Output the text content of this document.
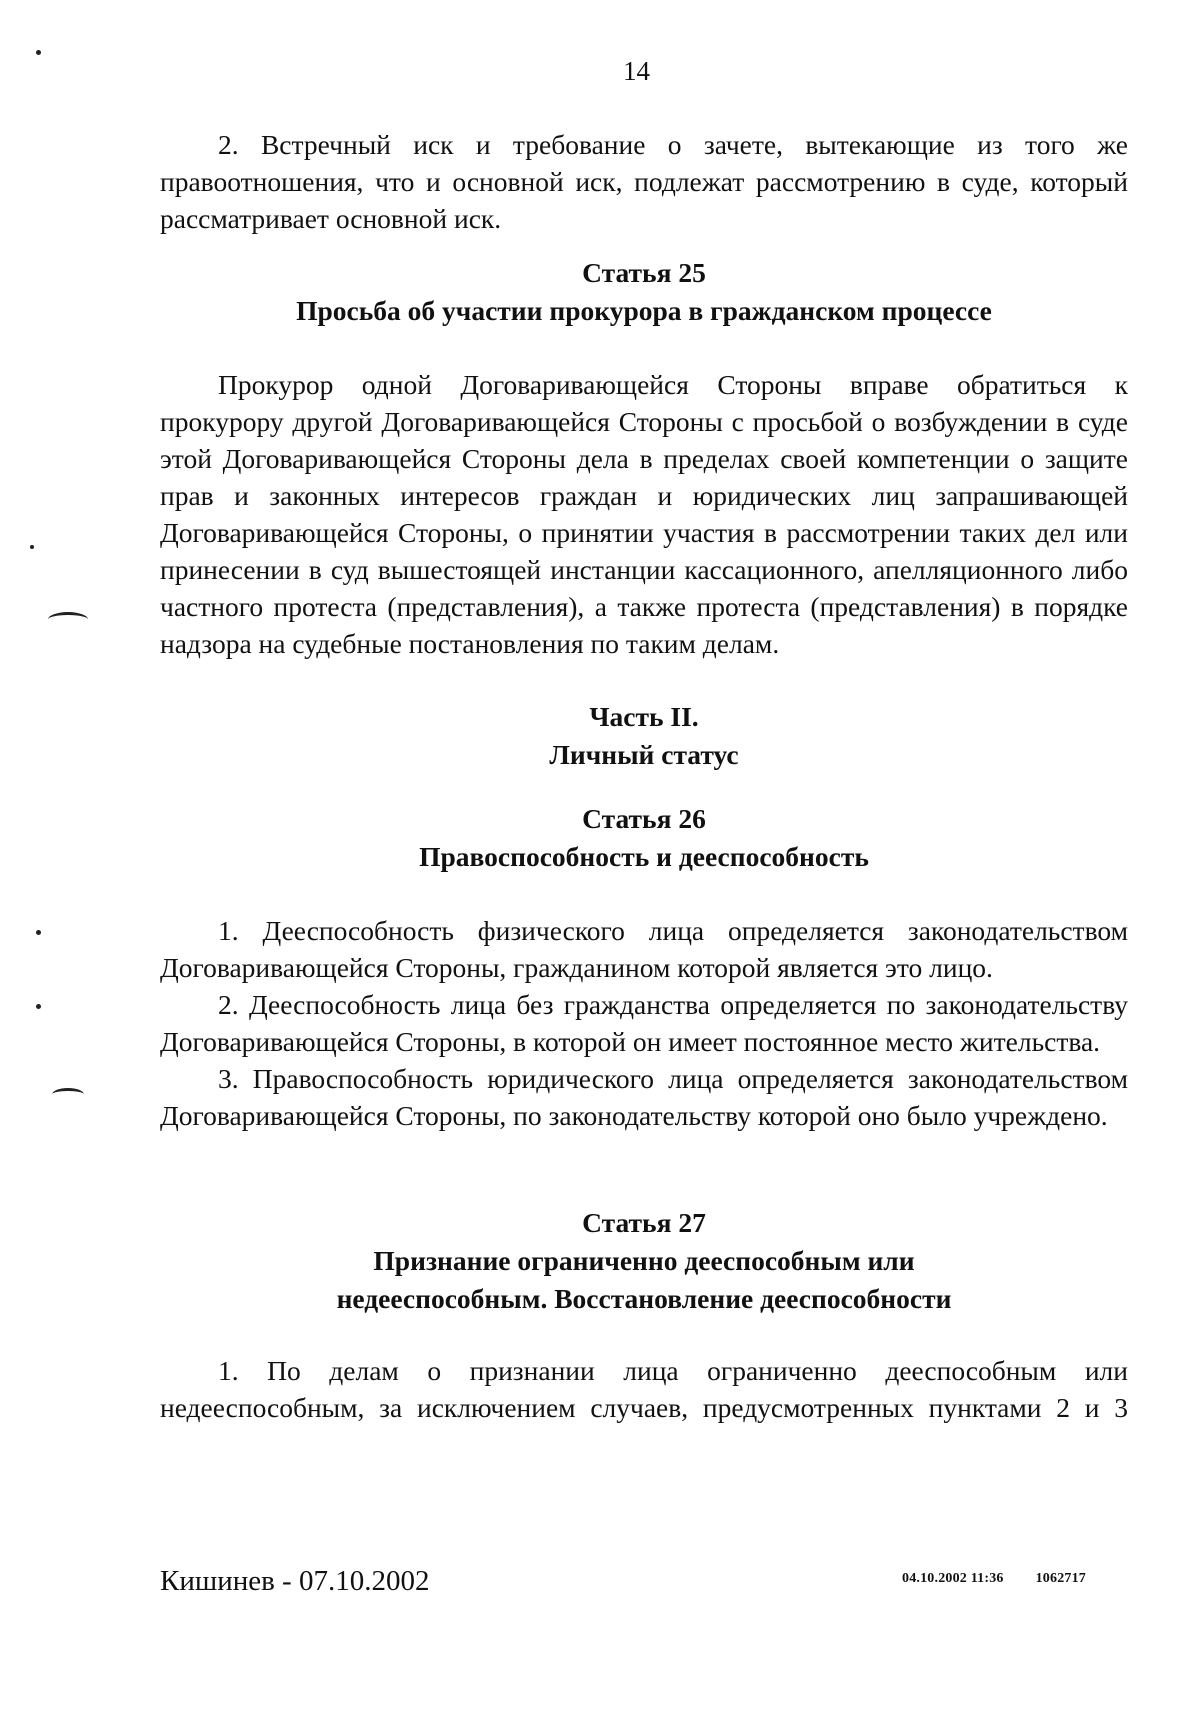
14

2. Встречный иск и требование о зачете, вытекающие из того же правоотношения, что и основной иск, подлежат рассмотрению в суде, который рассматривает основной иск.

Статья 25

Просьба об участии прокурора в гражданском процессе

Прокурор одной Договаривающейся Стороны вправе обратиться к прокурору другой Договаривающейся Стороны с просьбой о возбуждении в суде этой Договаривающейся Стороны дела в пределах своей компетенции о защите прав и законных интересов граждан и юридических лиц запрашивающей Договаривающейся Стороны, о принятии участия в рассмотрении таких дел или принесении в суд вышестоящей инстанции кассационного, апелляционного либо частного протеста (представления), а также протеста (представления) в порядке надзора на судебные постановления по таким делам.

Часть II.

Личный статус

Статья 26

Правоспособность и дееспособность

1. Дееспособность физического лица определяется законодательством Договаривающейся Стороны, гражданином которой является это лицо.

2. Дееспособность лица без гражданства определяется по законодательству Договаривающейся Стороны, в которой он имеет постоянное место жительства.

3. Правоспособность юридического лица определяется законодательством Договаривающейся Стороны, по законодательству которой оно было учреждено.

Статья 27

Признание ограниченно дееспособным или

недееспособным. Восстановление дееспособности

1. По делам о признании лица ограниченно дееспособным или недееспособным, за исключением случаев, предусмотренных пунктами 2 и 3

Кишинев - 07.10.2002	04.10.2002 11:36 1062717
